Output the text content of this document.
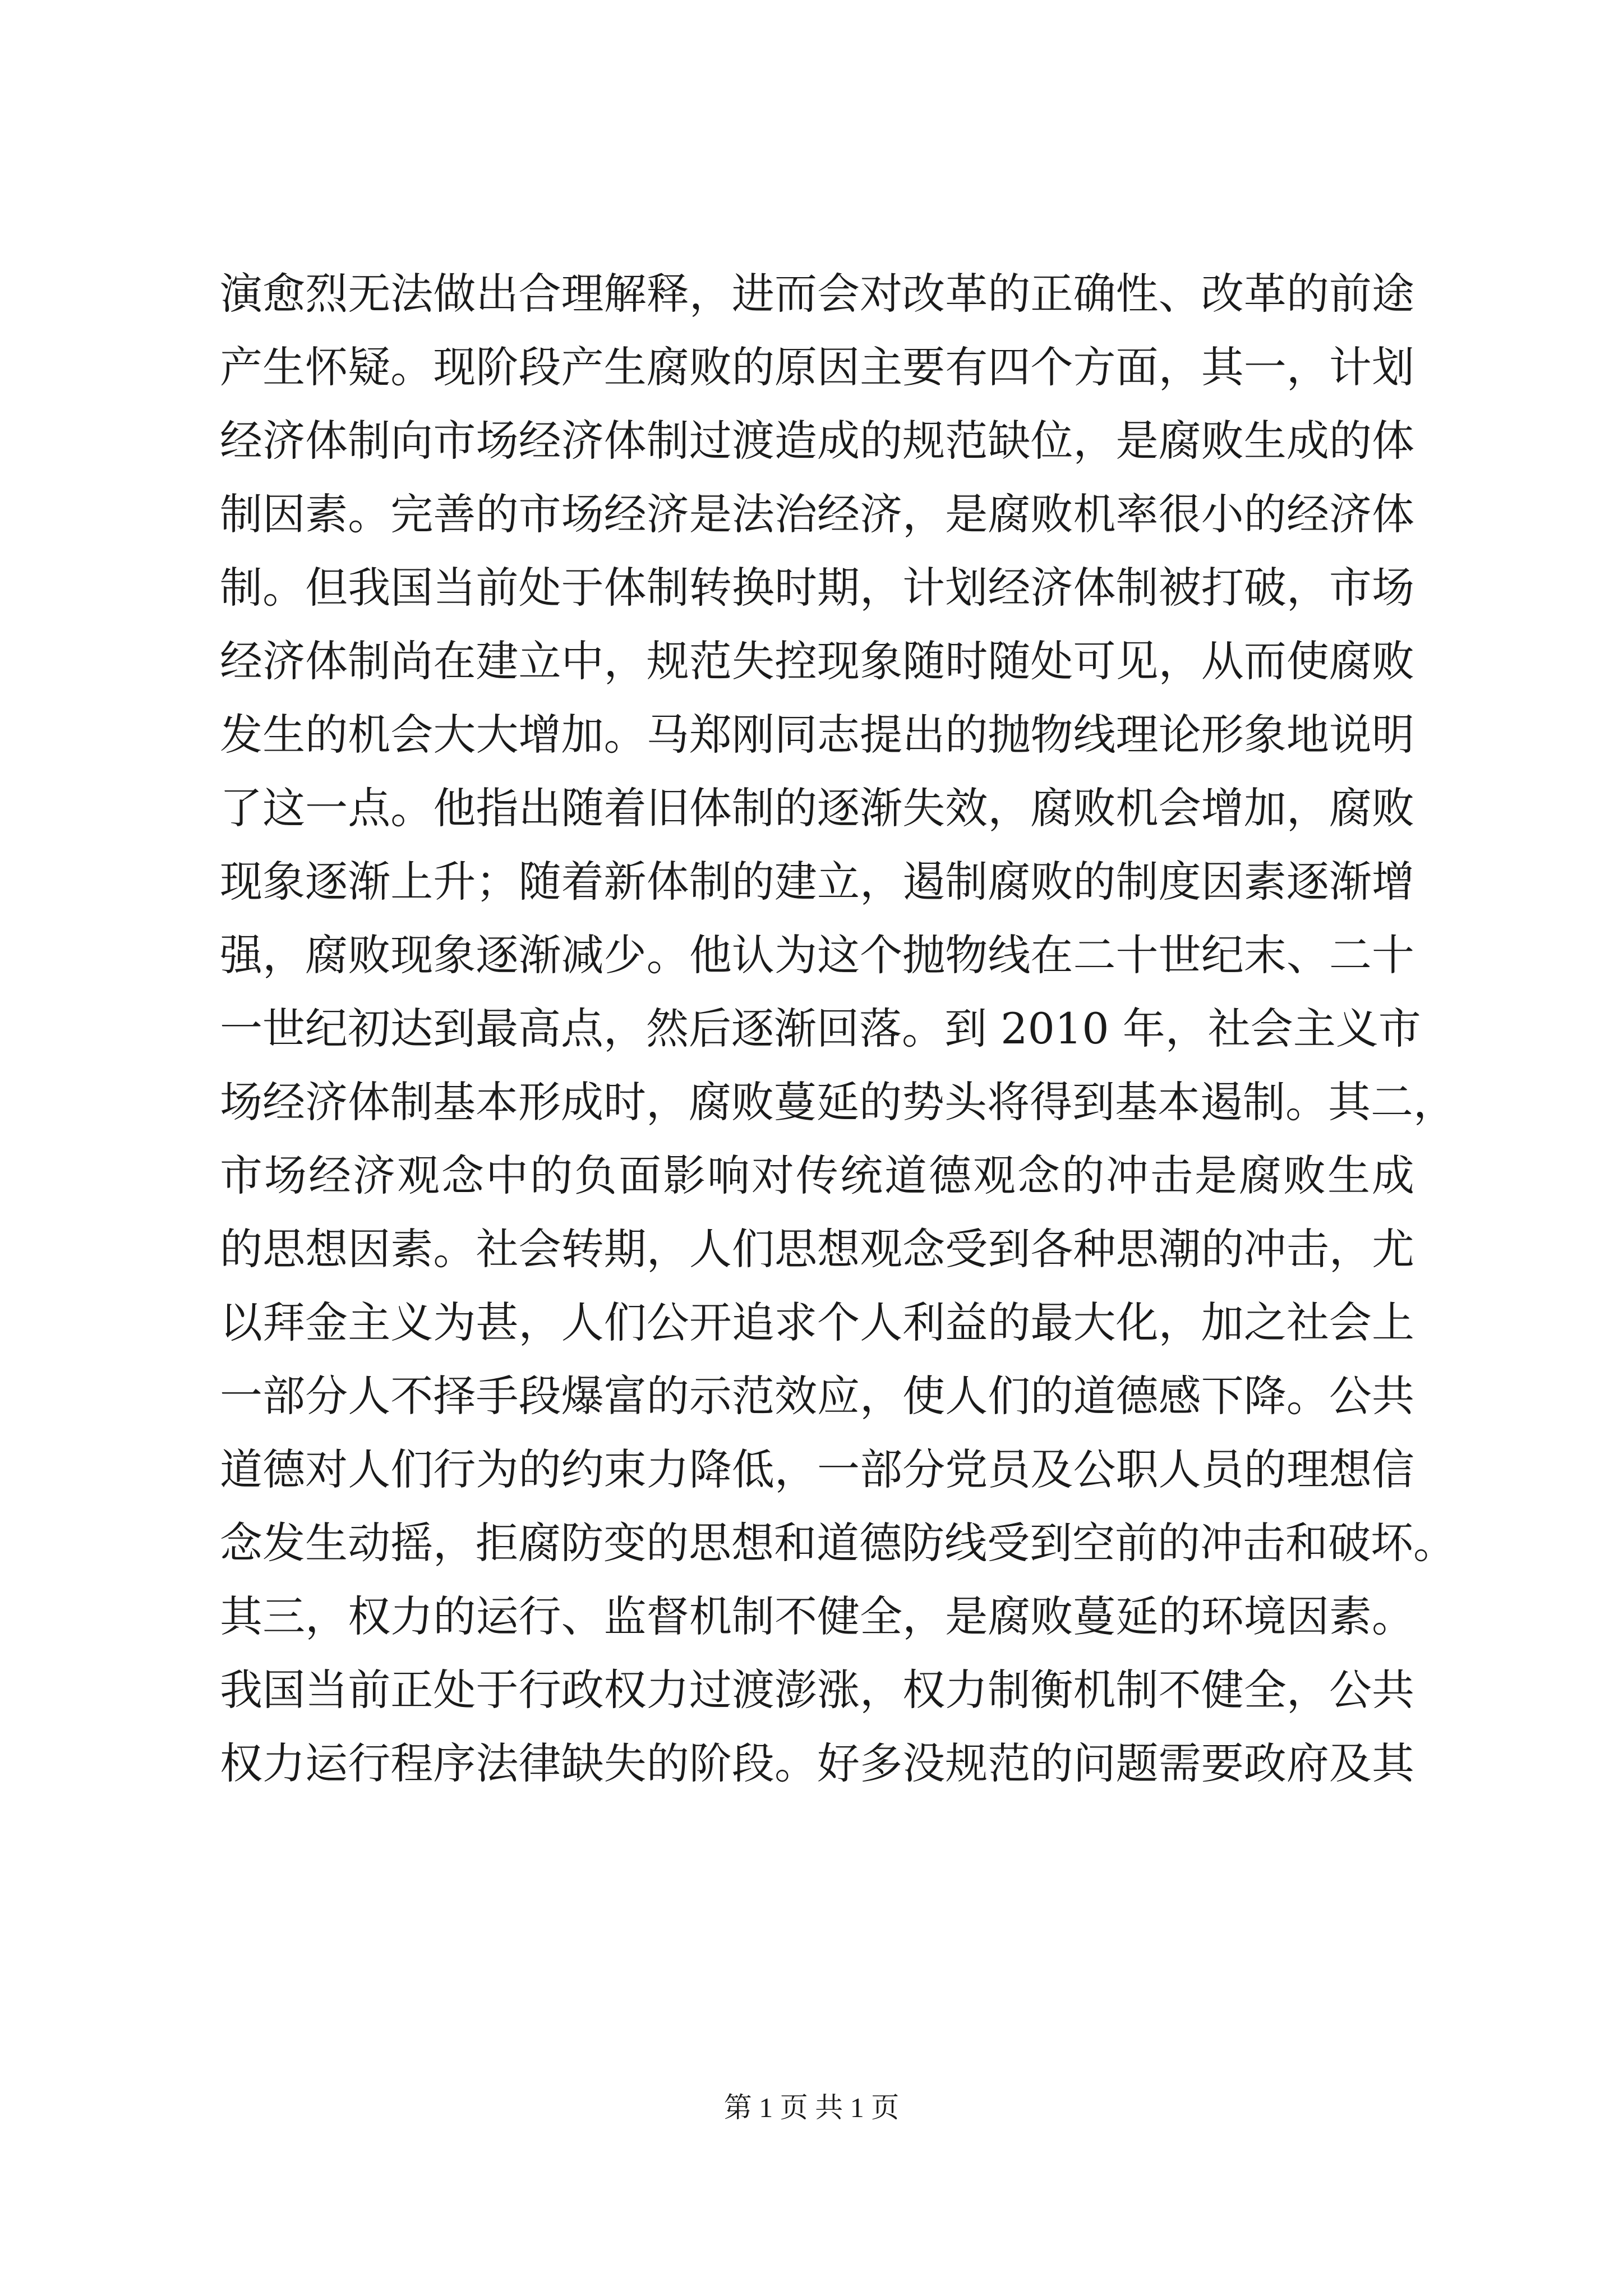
演愈烈无法做出合理解释，进而会对改革的正确性、改革的前途
产生怀疑。现阶段产生腐败的原因主要有四个方面，其一，计划
经济体制向市场经济体制过渡造成的规范缺位，是腐败生成的体
制因素。完善的市场经济是法治经济，是腐败机率很小的经济体
制。但我国当前处于体制转换时期，计划经济体制被打破，市场
经济体制尚在建立中，规范失控现象随时随处可见，从而使腐败
发生的机会大大增加。马郑刚同志提出的抛物线理论形象地说明
了这一点。他指出随着旧体制的逐渐失效，腐败机会增加，腐败
现象逐渐上升；随着新体制的建立，遏制腐败的制度因素逐渐增
强，腐败现象逐渐减少。他认为这个抛物线在二十世纪末、二十
一世纪初达到最高点，然后逐渐回落。到 2010 年，社会主义市
场经济体制基本形成时，腐败蔓延的势头将得到基本遏制。其二，
市场经济观念中的负面影响对传统道德观念的冲击是腐败生成
的思想因素。社会转期，人们思想观念受到各种思潮的冲击，尤
以拜金主义为甚，人们公开追求个人利益的最大化，加之社会上
一部分人不择手段爆富的示范效应，使人们的道德感下降。公共
道德对人们行为的约束力降低，一部分党员及公职人员的理想信
念发生动摇，拒腐防变的思想和道德防线受到空前的冲击和破坏。
其三，权力的运行、监督机制不健全，是腐败蔓延的环境因素。
我国当前正处于行政权力过渡澎涨，权力制衡机制不健全，公共
权力运行程序法律缺失的阶段。好多没规范的问题需要政府及其
第 1 页 共 1 页
